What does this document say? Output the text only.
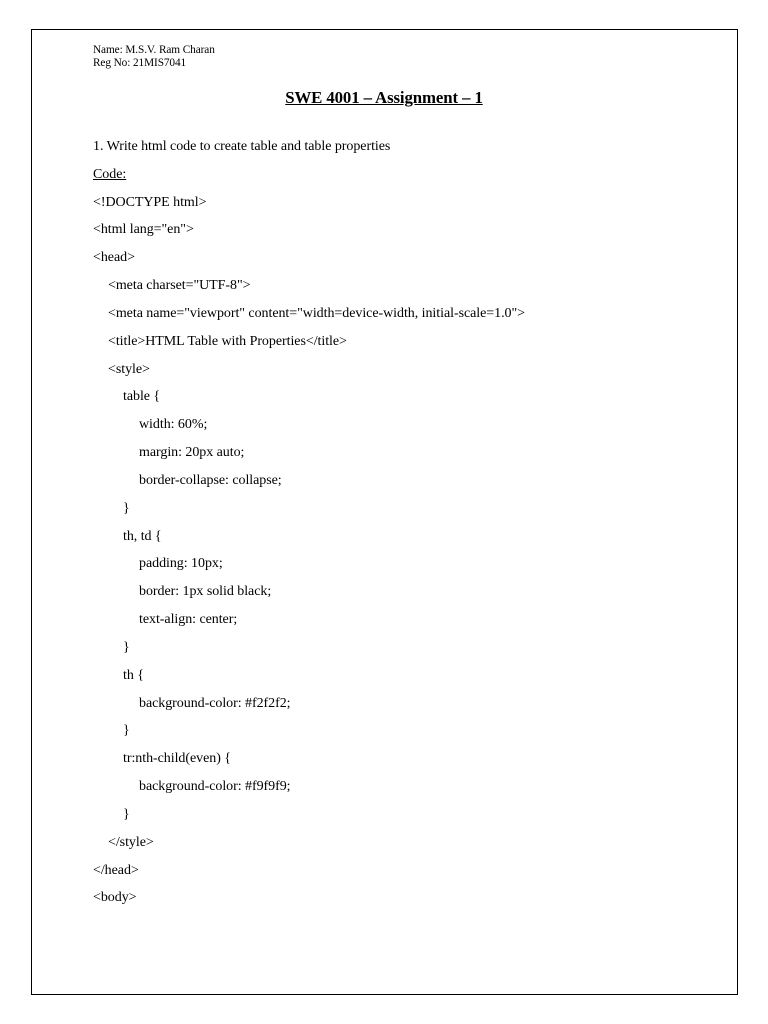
Name: M.S.V. Ram Charan
Reg No: 21MIS7041
SWE 4001 – Assignment – 1
1. Write html code to create table and table properties
Code:
<!DOCTYPE html>
<html lang="en">
<head>
<meta charset="UTF-8">
<meta name="viewport" content="width=device-width, initial-scale=1.0">
<title>HTML Table with Properties</title>
<style>
table {
width: 60%;
margin: 20px auto;
border-collapse: collapse;
}
th, td {
padding: 10px;
border: 1px solid black;
text-align: center;
}
th {
background-color: #f2f2f2;
}
tr:nth-child(even) {
background-color: #f9f9f9;
}
</style>
</head>
<body>
